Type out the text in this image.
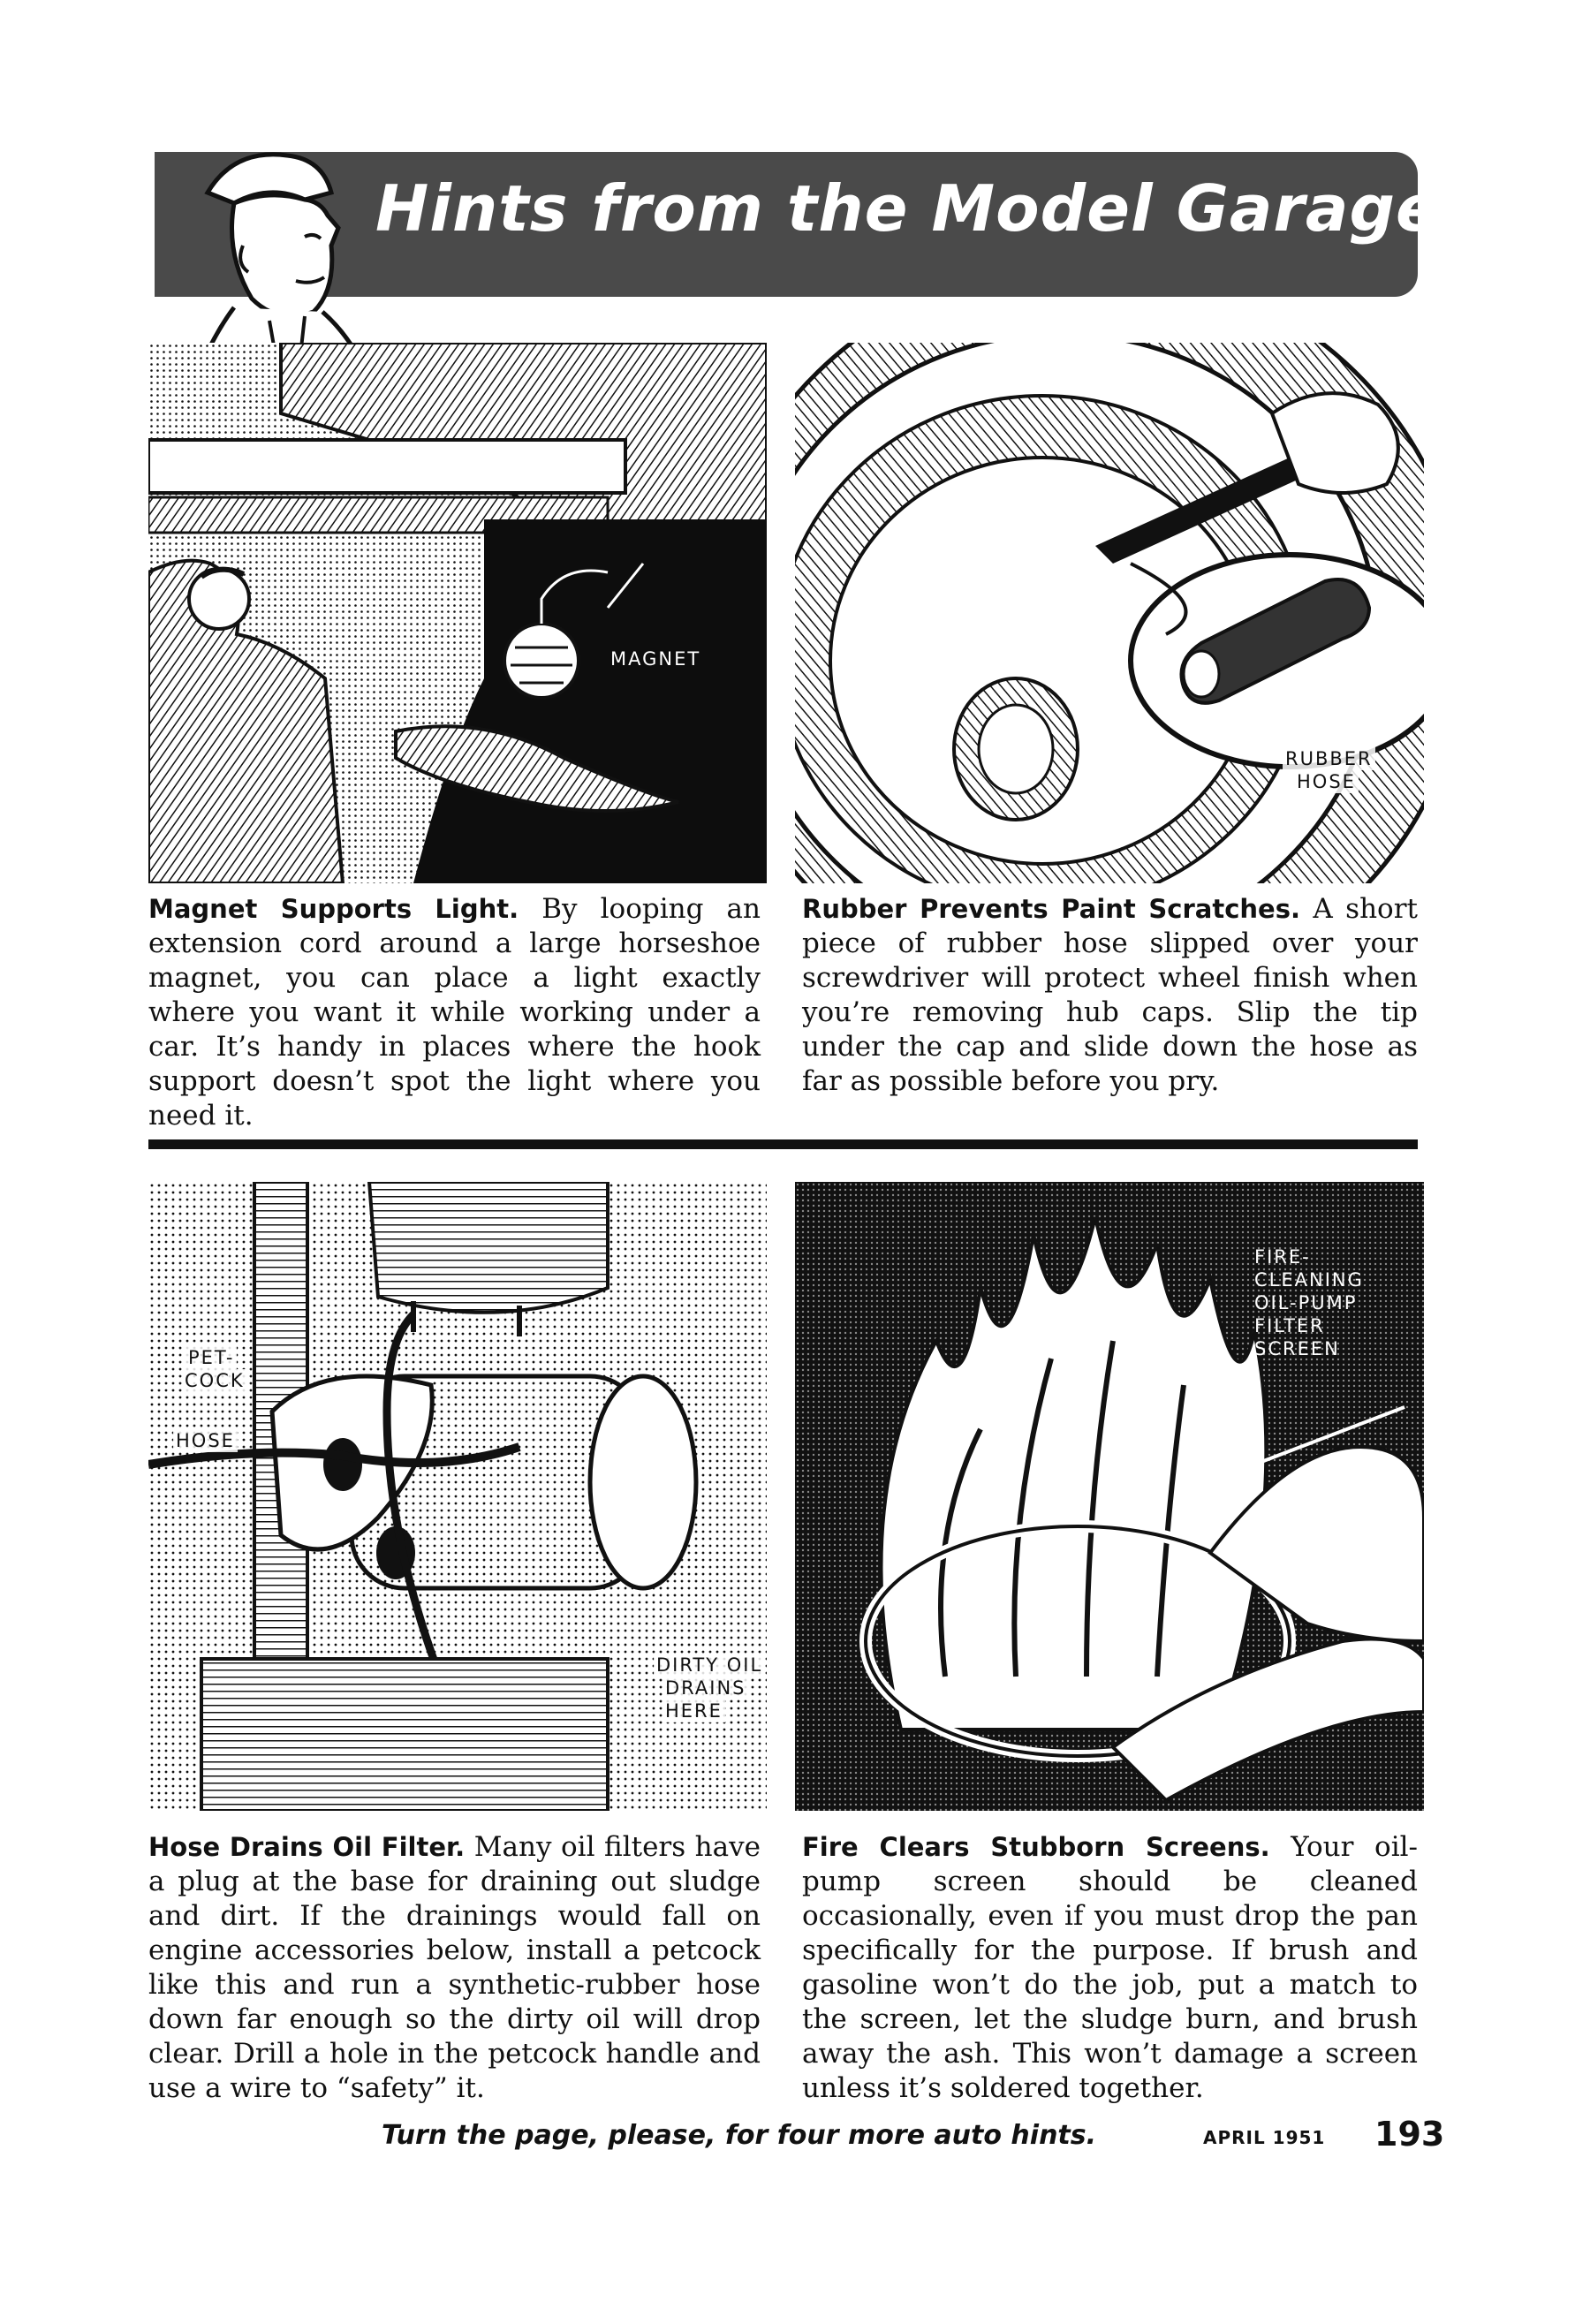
Hints from the Model Garage
MAGNET
RUBBER
HOSE
Magnet Supports Light. By looping an extension cord around a large horseshoe magnet, you can place a light exactly where you want it while working under a car. It’s handy in places where the hook support doesn’t spot the light where you need it.
Rubber Prevents Paint Scratches. A short piece of rubber hose slipped over your screwdriver will protect wheel finish when you’re removing hub caps. Slip the tip under the cap and slide down the hose as far as possible before you pry.
PET-
COCK
HOSE
DIRTY OIL
DRAINS
HERE
FIRE-
CLEANING
OIL-PUMP
FILTER
SCREEN
Hose Drains Oil Filter. Many oil filters have a plug at the base for draining out sludge and dirt. If the drainings would fall on engine accessories below, install a petcock like this and run a synthetic-rubber hose down far enough so the dirty oil will drop clear. Drill a hole in the petcock handle and use a wire to “safety” it.
Fire Clears Stubborn Screens. Your oil-pump screen should be cleaned occasionally, even if you must drop the pan specifically for the purpose. If brush and gasoline won’t do the job, put a match to the screen, let the sludge burn, and brush away the ash. This won’t damage a screen unless it’s soldered together.
Turn the page, please, for four more auto hints.	APRIL 1951 193
